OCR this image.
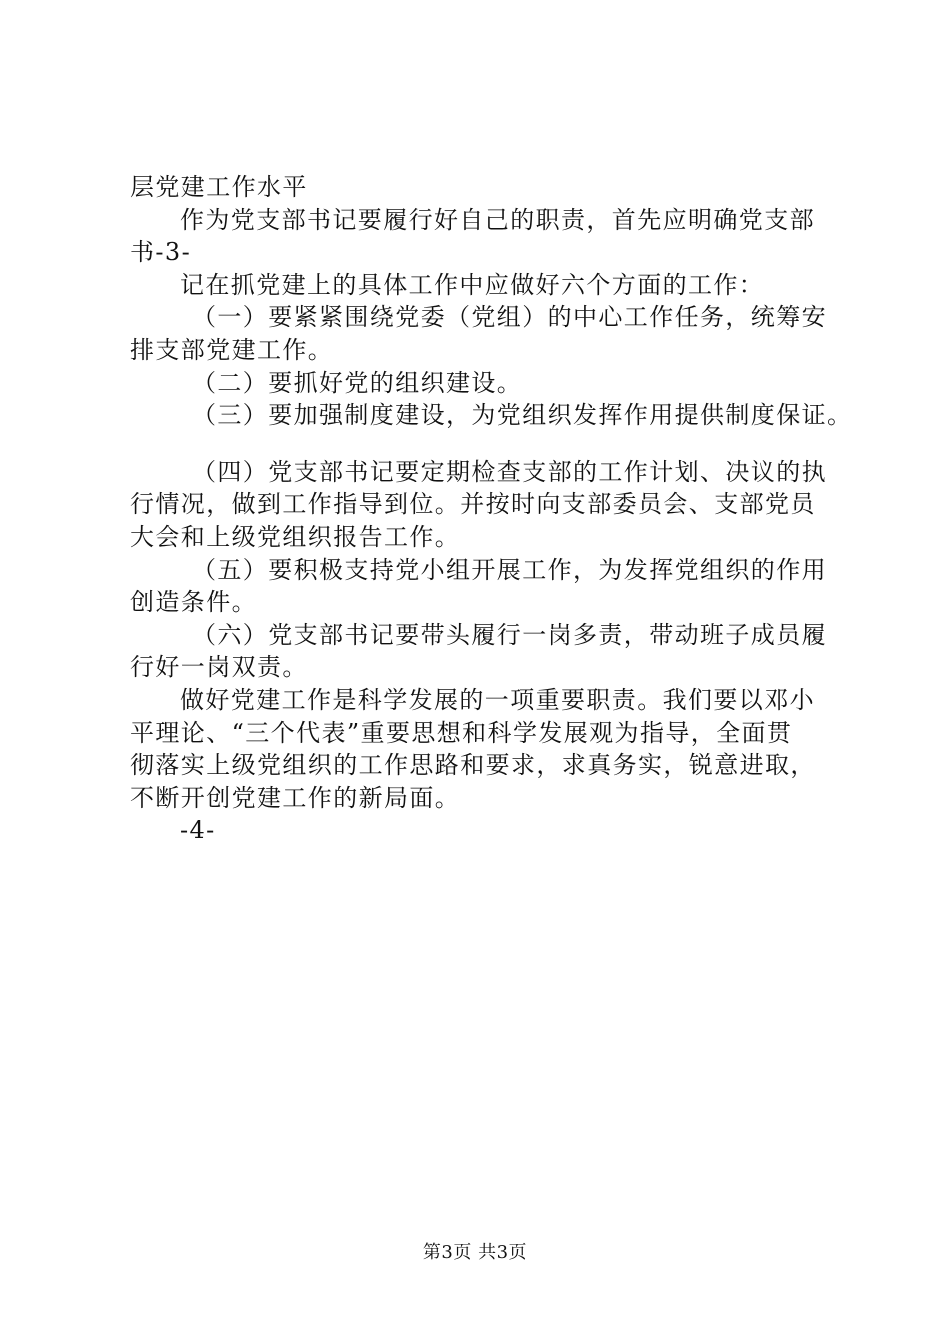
层党建工作水平
作为党支部书记要履行好自己的职责，首先应明确党支部
书-3-
记在抓党建上的具体工作中应做好六个方面的工作：
（一）要紧紧围绕党委（党组）的中心工作任务，统筹安
排支部党建工作。
（二）要抓好党的组织建设。
（三）要加强制度建设，为党组织发挥作用提供制度保证。
（四）党支部书记要定期检查支部的工作计划、决议的执
行情况，做到工作指导到位。并按时向支部委员会、支部党员
大会和上级党组织报告工作。
（五）要积极支持党小组开展工作，为发挥党组织的作用
创造条件。
（六）党支部书记要带头履行一岗多责，带动班子成员履
行好一岗双责。
做好党建工作是科学发展的一项重要职责。我们要以邓小
平理论、“三个代表”重要思想和科学发展观为指导，全面贯
彻落实上级党组织的工作思路和要求，求真务实，锐意进取，
不断开创党建工作的新局面。
-4-
第3页 共3页
